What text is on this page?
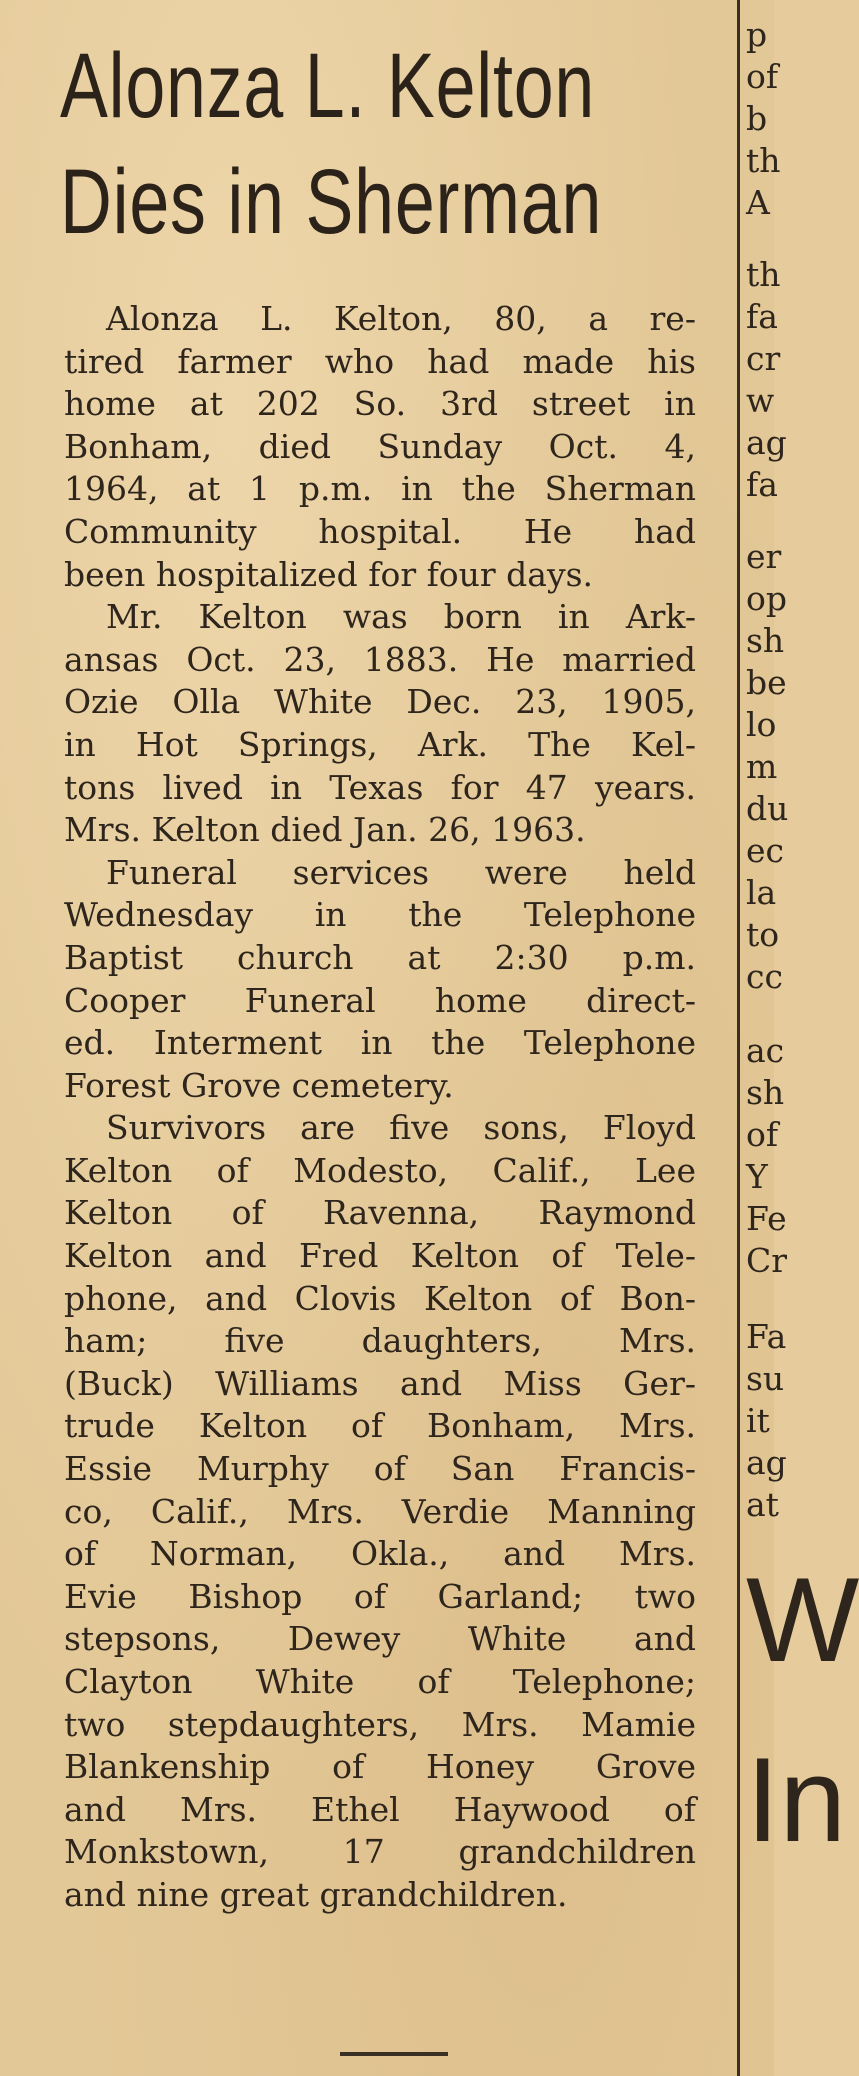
Alonza L. Kelton
Dies in Sherman
Alonza L. Kelton, 80, a re-
tired farmer who had made his
home at 202 So. 3rd street in
Bonham, died Sunday Oct. 4,
1964, at 1 p.m. in the Sherman
Community hospital. He had
been hospitalized for four days.
Mr. Kelton was born in Ark-
ansas Oct. 23, 1883. He married
Ozie Olla White Dec. 23, 1905,
in Hot Springs, Ark. The Kel-
tons lived in Texas for 47 years.
Mrs. Kelton died Jan. 26, 1963.
Funeral services were held
Wednesday in the Telephone
Baptist church at 2:30 p.m.
Cooper Funeral home direct-
ed. Interment in the Telephone
Forest Grove cemetery.
Survivors are five sons, Floyd
Kelton of Modesto, Calif., Lee
Kelton of Ravenna, Raymond
Kelton and Fred Kelton of Tele-
phone, and Clovis Kelton of Bon-
ham; five daughters, Mrs.
(Buck) Williams and Miss Ger-
trude Kelton of Bonham, Mrs.
Essie Murphy of San Francis-
co, Calif., Mrs. Verdie Manning
of Norman, Okla., and Mrs.
Evie Bishop of Garland; two
stepsons, Dewey White and
Clayton White of Telephone;
two stepdaughters, Mrs. Mamie
Blankenship of Honey Grove
and Mrs. Ethel Haywood of
Monkstown, 17 grandchildren
and nine great grandchildren.
p
of
b
th
A
th
fa
cr
w
ag
fa
er
op
sh
be
lo
m
du
ec
la
to
cc
ac
sh
of
Y
Fe
Cr
Fa
su
it
ag
at
W
In
